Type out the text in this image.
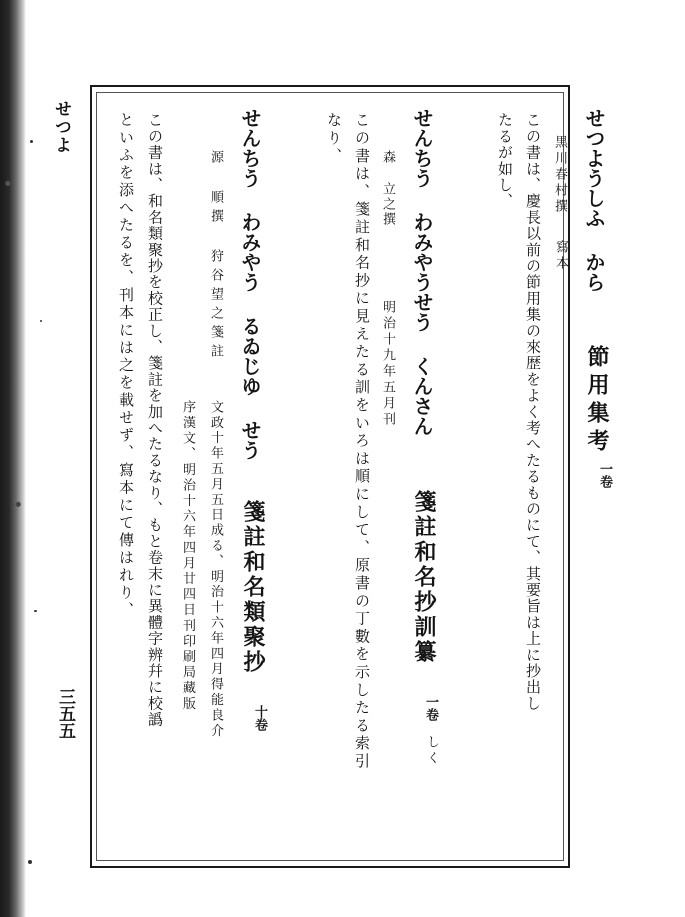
せつよ
三五五
せつようしふ から
節用集考
一卷
黒川春村撰
寫本
この書は、慶長以前の節用集の來歴をよく考へたるものにて、其要旨は上に抄出し
たるが如し、
せんちう わみやうせう くんさん
箋註和名抄訓纂
一卷
しく
森 立之撰
明治十九年五月刊
この書は、箋註和名抄に見えたる訓をいろは順にして、原書の丁數を示したる索引
なり、
せんちう わみやう るゐじゆ せう
箋註和名類聚抄
十卷
源 順撰 狩谷望之箋註
文政十年五月五日成る、明治十六年四月得能良介
序漢文、明治十六年四月廿四日刊印刷局藏版
この書は、和名類聚抄を校正し、箋註を加へたるなり、もと卷末に異體字辨幷に校譌
といふを添へたるを、刊本には之を載せず、寫本にて傳はれり、
